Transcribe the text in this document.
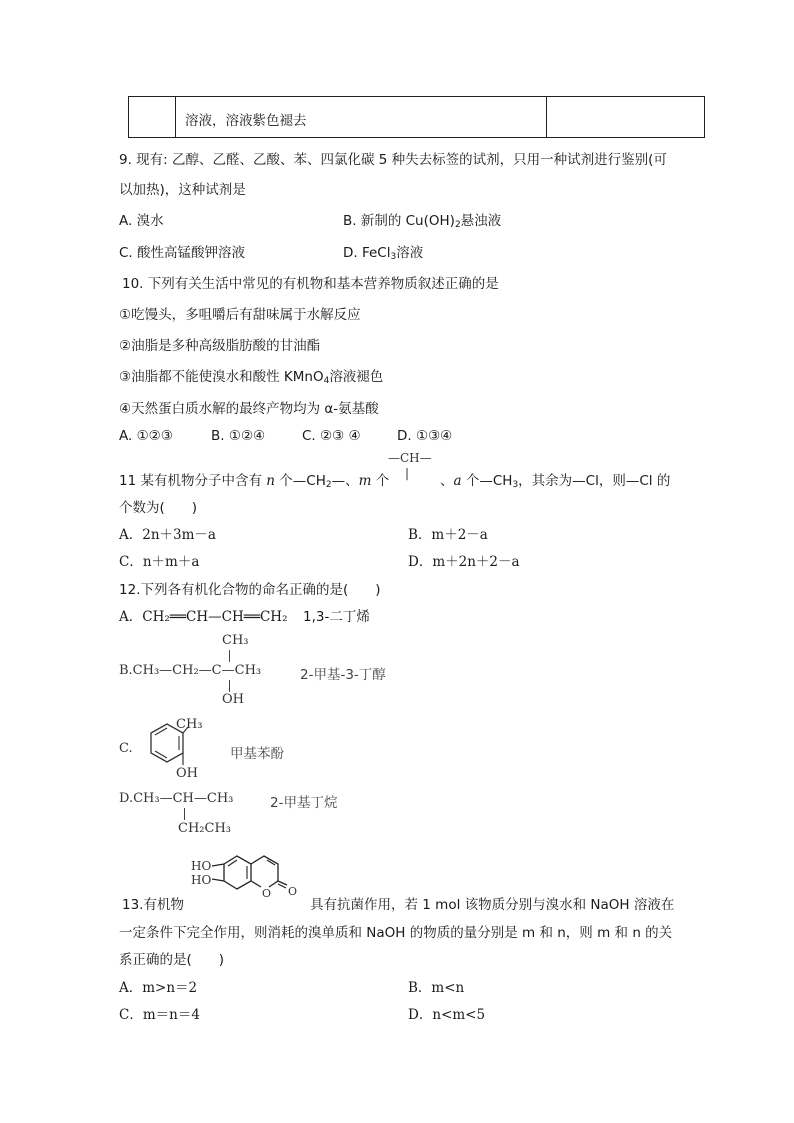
溶液，溶液紫色褪去
9. 现有: 乙醇、乙醛、乙酸、苯、四氯化碳 5 种失去标签的试剂，只用一种试剂进行鉴别(可
以加热)，这种试剂是
A. 溴水	B. 新制的 $Cu(OH)_2$悬浊液
C. 酸性高锰酸钾溶液	D. FeCl$_3$溶液
10. 下列有关生活中常见的有机物和基本营养物质叙述正确的是
①吃馒头，多咀嚼后有甜味属于水解反应
②油脂是多种高级脂肪酸的甘油酯
③油脂都不能使溴水和酸性 KMnO$_4$溶液褪色
④天然蛋白质水解的最终产物均为 α-氨基酸
A. ①②③	B. ①②④	C. ②③ ④	D. ①③④
11 某有机物分子中含有 n 个$—CH_2—$、m 个
—CH—
| 、a 个$—CH_3$，其余为—Cl，则—Cl 的
个数为(　　)
A．2n＋3m－a	B．m＋2－a
C．n＋m＋a	D．m＋2n＋2－a
12.下列各有机化合物的命名正确的是(　　)
A．CH₂══CH—CH══CH₂ 1,3-二丁烯
CH₃
B.CH₃—CH₂—C—CH₃
OH
2-甲基-3-丁醇
C.
CH₃
OH
甲基苯酚
D.CH₃—CH—CH₃
CH₂CH₃
2-甲基丁烷
13.有机物
HO
HO
O O
具有抗菌作用，若 1 mol 该物质分别与溴水和 NaOH 溶液在
一定条件下完全作用，则消耗的溴单质和 NaOH 的物质的量分别是 m 和 n，则 m 和 n 的关
系正确的是(　　)
A．m>n＝2	B．m<n
C．m＝n＝4	D．n<m<5
